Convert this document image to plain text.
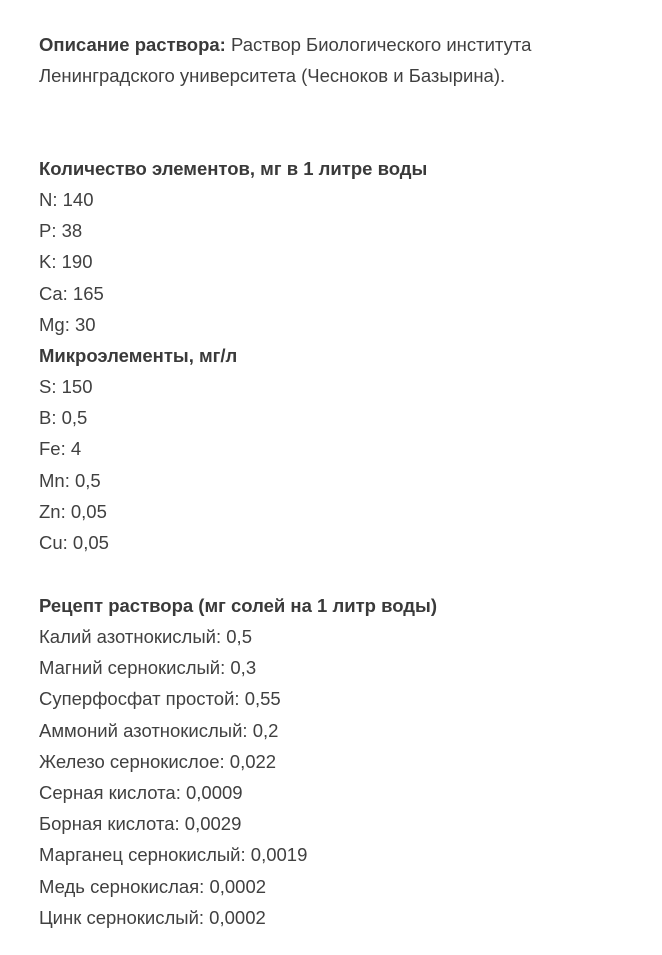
Описание раствора: Раствор Биологического института Ленинградского университета (Чесноков и Базырина).

Количество элементов, мг в 1 литре воды
N: 140
P: 38
K: 190
Ca: 165
Mg: 30
Микроэлементы, мг/л
S: 150
B: 0,5
Fe: 4
Mn: 0,5
Zn: 0,05
Cu: 0,05
Рецепт раствора (мг солей на 1 литр воды)
Калий азотнокислый: 0,5
Магний сернокислый: 0,3
Суперфосфат простой: 0,55
Аммоний азотнокислый: 0,2
Железо сернокислое: 0,022
Серная кислота: 0,0009
Борная кислота: 0,0029
Марганец сернокислый: 0,0019
Медь сернокислая: 0,0002
Цинк сернокислый: 0,0002
